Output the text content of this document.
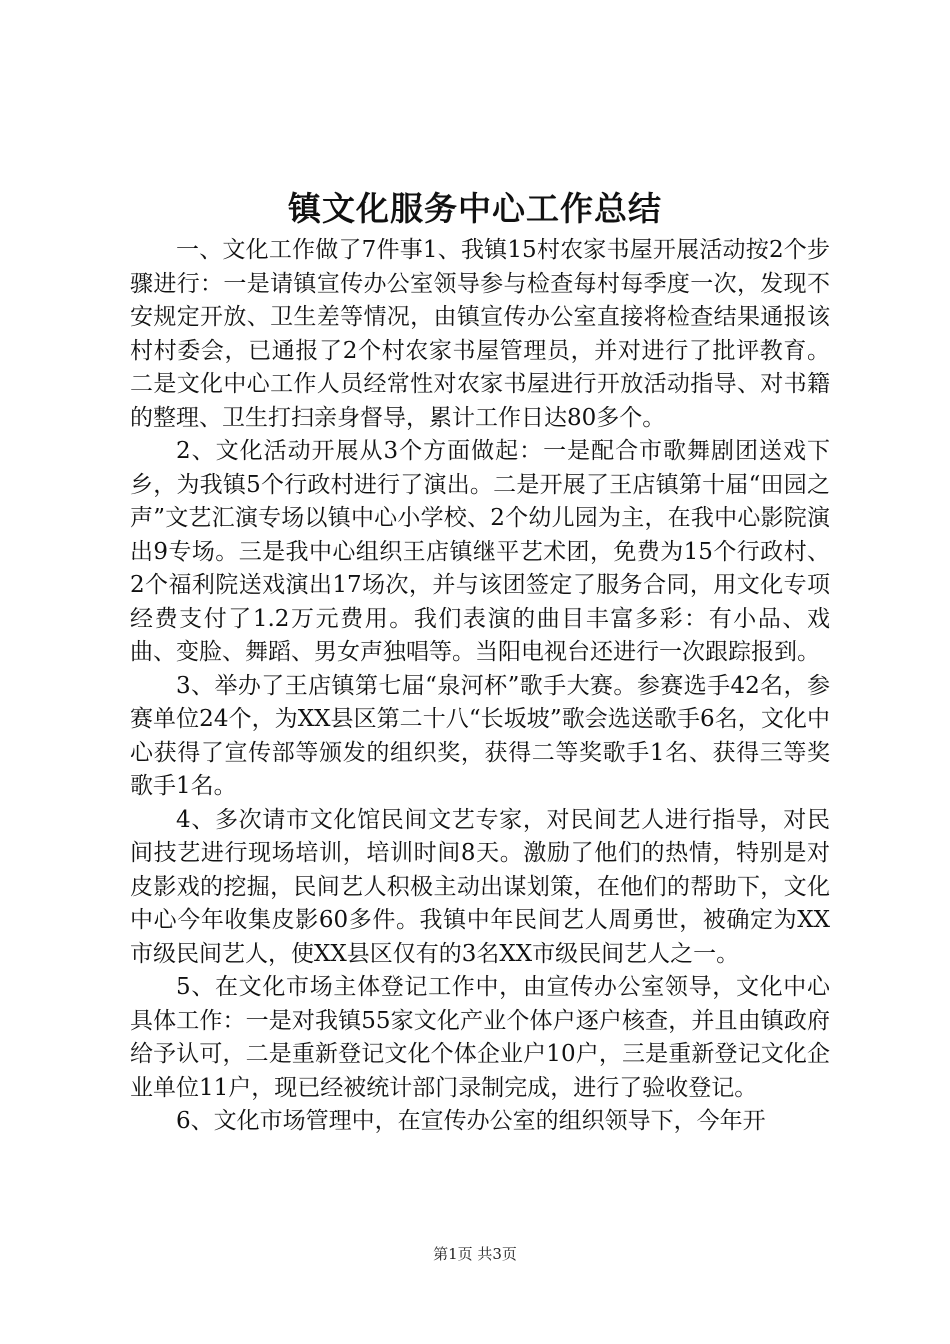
镇文化服务中心工作总结

一、文化工作做了7件事1、我镇15村农家书屋开展活动按2个步骤进行：一是请镇宣传办公室领导参与检查每村每季度一次，发现不安规定开放、卫生差等情况，由镇宣传办公室直接将检查结果通报该村村委会，已通报了2个村农家书屋管理员，并对进行了批评教育。二是文化中心工作人员经常性对农家书屋进行开放活动指导、对书籍的整理、卫生打扫亲身督导，累计工作日达80多个。

2、文化活动开展从3个方面做起：一是配合市歌舞剧团送戏下乡，为我镇5个行政村进行了演出。二是开展了王店镇第十届“田园之声”文艺汇演专场以镇中心小学校、2个幼儿园为主，在我中心影院演出9专场。三是我中心组织王店镇继平艺术团，免费为15个行政村、2个福利院送戏演出17场次，并与该团签定了服务合同，用文化专项经费支付了1.2万元费用。我们表演的曲目丰富多彩：有小品、戏曲、变脸、舞蹈、男女声独唱等。当阳电视台还进行一次跟踪报到。

3、举办了王店镇第七届“泉河杯”歌手大赛。参赛选手42名，参赛单位24个，为XX县区第二十八“长坂坡”歌会选送歌手6名，文化中心获得了宣传部等颁发的组织奖，获得二等奖歌手1名、获得三等奖歌手1名。

4、多次请市文化馆民间文艺专家，对民间艺人进行指导，对民间技艺进行现场培训，培训时间8天。激励了他们的热情，特别是对皮影戏的挖掘，民间艺人积极主动出谋划策，在他们的帮助下，文化中心今年收集皮影60多件。我镇中年民间艺人周勇世，被确定为XX市级民间艺人，使XX县区仅有的3名XX市级民间艺人之一。

5、在文化市场主体登记工作中，由宣传办公室领导，文化中心具体工作：一是对我镇55家文化产业个体户逐户核查，并且由镇政府给予认可，二是重新登记文化个体企业户10户，三是重新登记文化企业单位11户，现已经被统计部门录制完成，进行了验收登记。

6、文化市场管理中，在宣传办公室的组织领导下，今年开

第1页 共3页
